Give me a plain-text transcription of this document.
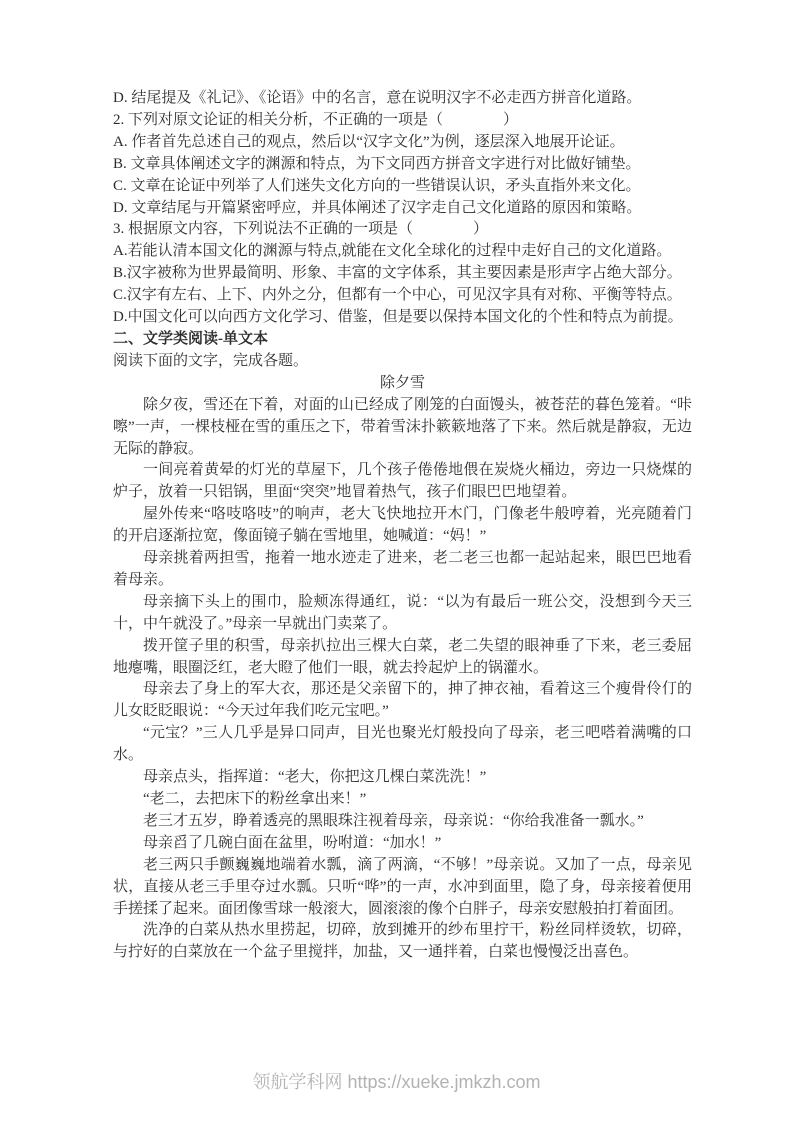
D. 结尾提及《礼记》、《论语》中的名言，意在说明汉字不必走西方拼音化道路。
2. 下列对原文论证的相关分析，不正确的一项是（　　　　）
A. 作者首先总述自己的观点，然后以“汉字文化”为例，逐层深入地展开论证。
B. 文章具体阐述文字的渊源和特点，为下文同西方拼音文字进行对比做好铺垫。
C. 文章在论证中列举了人们迷失文化方向的一些错误认识，矛头直指外来文化。
D. 文章结尾与开篇紧密呼应，并具体阐述了汉字走自己文化道路的原因和策略。
3. 根据原文内容，下列说法不正确的一项是（　　　　）
A.若能认清本国文化的渊源与特点,就能在文化全球化的过程中走好自己的文化道路。
B.汉字被称为世界最简明、形象、丰富的文字体系，其主要因素是形声字占绝大部分。
C.汉字有左右、上下、内外之分，但都有一个中心，可见汉字具有对称、平衡等特点。
D.中国文化可以向西方文化学习、借鉴，但是要以保持本国文化的个性和特点为前提。
二、文学类阅读-单文本
阅读下面的文字，完成各题。
除夕雪
除夕夜，雪还在下着，对面的山已经成了刚笼的白面馒头，被苍茫的暮色笼着。“咔嚓”一声，一棵枝桠在雪的重压之下，带着雪沫扑簌簌地落了下来。然后就是静寂，无边无际的静寂。
一间亮着黄晕的灯光的草屋下，几个孩子倦倦地偎在炭烧火桶边，旁边一只烧煤的炉子，放着一只铝锅，里面“突突”地冒着热气，孩子们眼巴巴地望着。
屋外传来“咯吱咯吱”的响声，老大飞快地拉开木门，门像老牛般哼着，光亮随着门的开启逐渐拉宽，像面镜子躺在雪地里，她喊道：“妈！”
母亲挑着两担雪，拖着一地水迹走了进来，老二老三也都一起站起来，眼巴巴地看着母亲。
母亲摘下头上的围巾，脸颊冻得通红，说：“以为有最后一班公交，没想到今天三十，中午就没了。”母亲一早就出门卖菜了。
拨开筐子里的积雪，母亲扒拉出三棵大白菜，老二失望的眼神垂了下来，老三委屈地瘪嘴，眼圈泛红，老大瞪了他们一眼，就去拎起炉上的锅灌水。
母亲去了身上的军大衣，那还是父亲留下的，抻了抻衣袖，看着这三个瘦骨伶仃的儿女眨眨眼说：“今天过年我们吃元宝吧。”
“元宝？”三人几乎是异口同声，目光也聚光灯般投向了母亲，老三吧嗒着满嘴的口水。
母亲点头，指挥道：“老大，你把这几棵白菜洗洗！”
“老二，去把床下的粉丝拿出来！”
老三才五岁，睁着透亮的黑眼珠注视着母亲，母亲说：“你给我准备一瓢水。”
母亲舀了几碗白面在盆里，吩咐道：“加水！”
老三两只手颤巍巍地端着水瓢，滴了两滴，“不够！”母亲说。又加了一点，母亲见状，直接从老三手里夺过水瓢。只听“哗”的一声，水冲到面里，隐了身，母亲接着便用手搓揉了起来。面团像雪球一般滚大，圆滚滚的像个白胖子，母亲安慰般拍打着面团。
洗净的白菜从热水里捞起，切碎，放到摊开的纱布里拧干，粉丝同样烫软，切碎，与拧好的白菜放在一个盆子里搅拌，加盐，又一通拌着，白菜也慢慢泛出喜色。
领航学科网 https://xueke.jmkzh.com
